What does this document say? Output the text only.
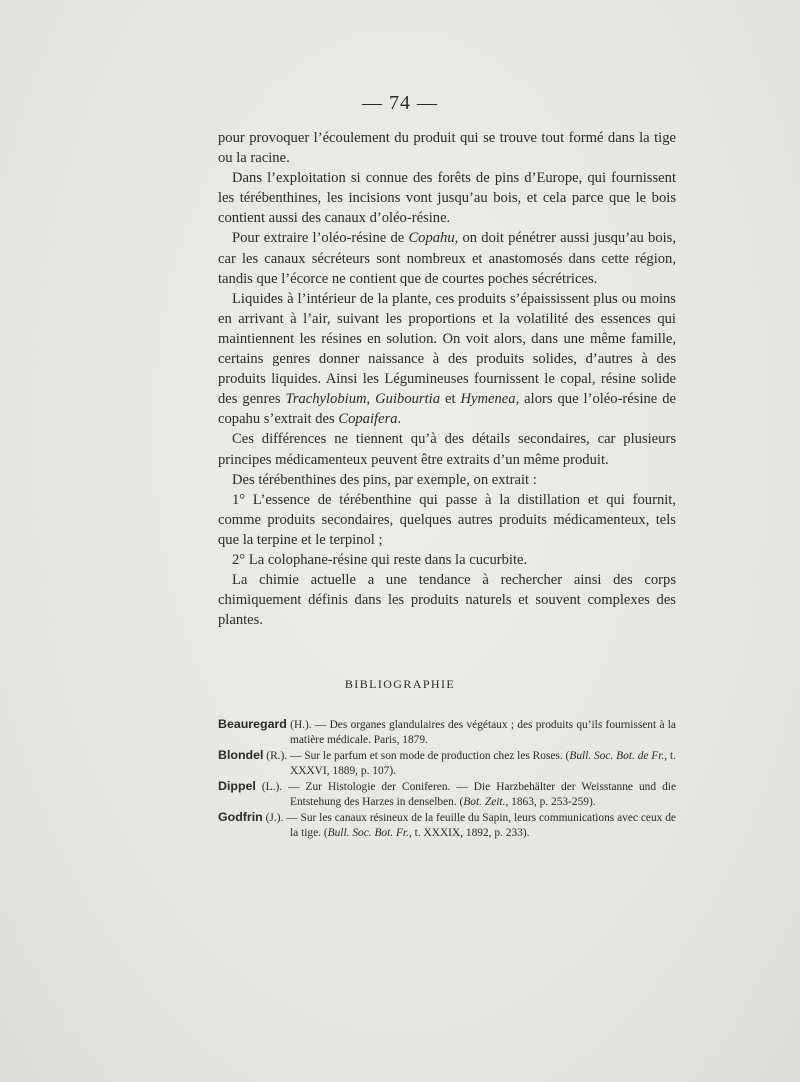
— 74 —

pour provoquer l’écoulement du produit qui se trouve tout formé dans la tige ou la racine.

Dans l’exploitation si connue des forêts de pins d’Europe, qui fournissent les térébenthines, les incisions vont jusqu’au bois, et cela parce que le bois contient aussi des canaux d’oléo-résine.

Pour extraire l’oléo-résine de Copahu, on doit pénétrer aussi jusqu’au bois, car les canaux sécréteurs sont nombreux et anastomosés dans cette région, tandis que l’écorce ne contient que de courtes poches sécrétrices.

Liquides à l’intérieur de la plante, ces produits s’épaississent plus ou moins en arrivant à l’air, suivant les proportions et la volatilité des essences qui maintiennent les résines en solution. On voit alors, dans une même famille, certains genres donner naissance à des produits solides, d’autres à des produits liquides. Ainsi les Légumineuses fournissent le copal, résine solide des genres Trachylobium, Guibourtia et Hymenea, alors que l’oléo-résine de copahu s’extrait des Copaifera.

Ces différences ne tiennent qu’à des détails secondaires, car plusieurs principes médicamenteux peuvent être extraits d’un même produit.

Des térébenthines des pins, par exemple, on extrait :

1° L’essence de térébenthine qui passe à la distillation et qui fournit, comme produits secondaires, quelques autres produits médicamenteux, tels que la terpine et le terpinol ;

2° La colophane-résine qui reste dans la cucurbite.

La chimie actuelle a une tendance à rechercher ainsi des corps chimiquement définis dans les produits naturels et souvent complexes des plantes.

BIBLIOGRAPHIE

Beauregard (H.). — Des organes glandulaires des végétaux ; des produits qu’ils fournissent à la matière médicale. Paris, 1879.

Blondel (R.). — Sur le parfum et son mode de production chez les Roses. (Bull. Soc. Bot. de Fr., t. XXXVI, 1889, p. 107).

Dippel (L.). — Zur Histologie der Coniferen. — Die Harzbehälter der Weisstanne und die Entstehung des Harzes in denselben. (Bot. Zeit., 1863, p. 253-259).

Godfrin (J.). — Sur les canaux résineux de la feuille du Sapin, leurs communications avec ceux de la tige. (Bull. Soc. Bot. Fr., t. XXXIX, 1892, p. 233).
